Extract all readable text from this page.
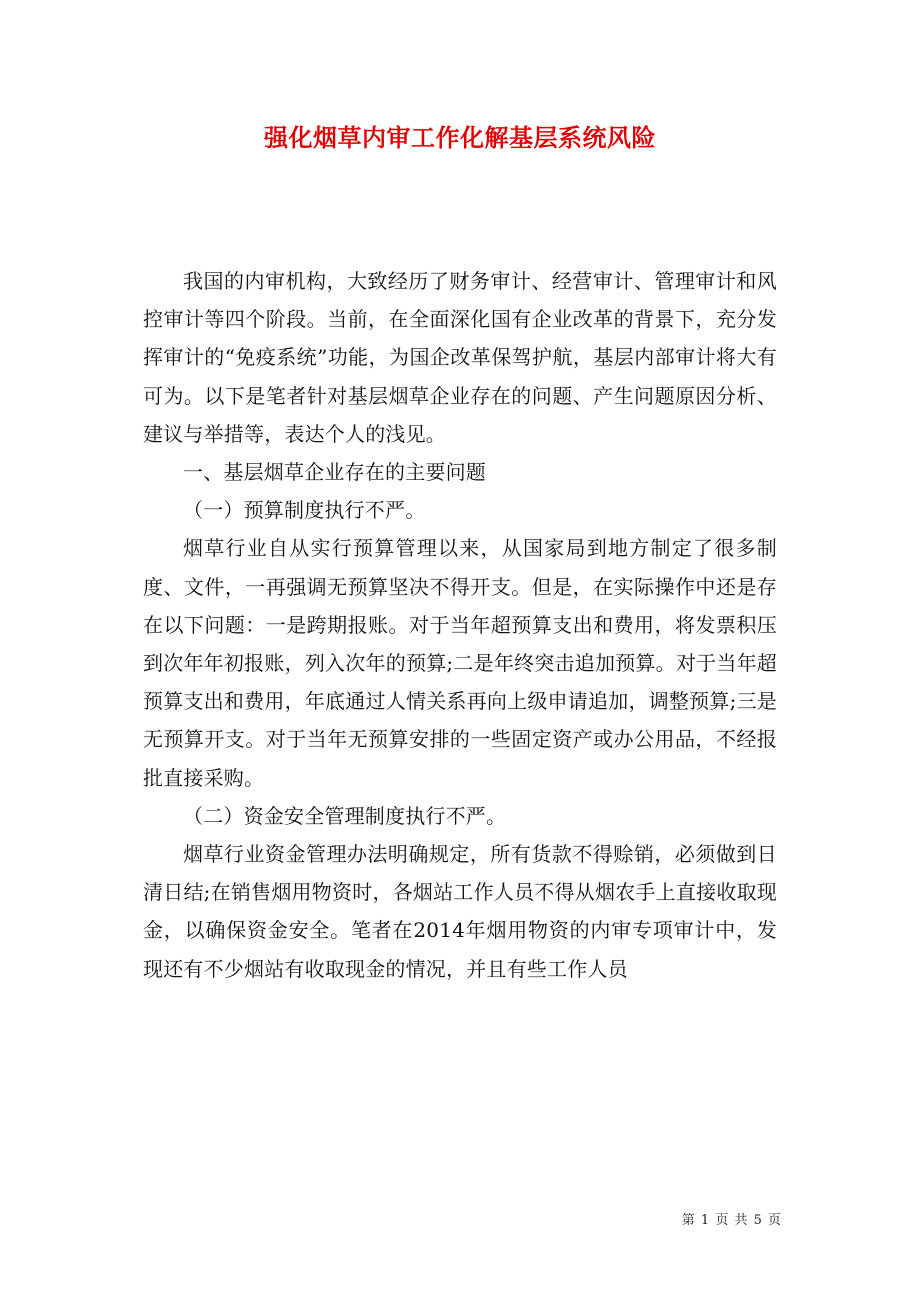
强化烟草内审工作化解基层系统风险

我国的内审机构，大致经历了财务审计、经营审计、管理审计和风控审计等四个阶段。当前，在全面深化国有企业改革的背景下，充分发挥审计的“免疫系统”功能，为国企改革保驾护航，基层内部审计将大有可为。以下是笔者针对基层烟草企业存在的问题、产生问题原因分析、建议与举措等，表达个人的浅见。

一、基层烟草企业存在的主要问题

（一）预算制度执行不严。

烟草行业自从实行预算管理以来，从国家局到地方制定了很多制度、文件，一再强调无预算坚决不得开支。但是，在实际操作中还是存在以下问题：一是跨期报账。对于当年超预算支出和费用，将发票积压到次年年初报账，列入次年的预算;二是年终突击追加预算。对于当年超预算支出和费用，年底通过人情关系再向上级申请追加，调整预算;三是无预算开支。对于当年无预算安排的一些固定资产或办公用品，不经报批直接采购。

（二）资金安全管理制度执行不严。

烟草行业资金管理办法明确规定，所有货款不得赊销，必须做到日清日结;在销售烟用物资时，各烟站工作人员不得从烟农手上直接收取现金，以确保资金安全。笔者在2014年烟用物资的内审专项审计中，发现还有不少烟站有收取现金的情况，并且有些工作人员

第 1 页 共 5 页
